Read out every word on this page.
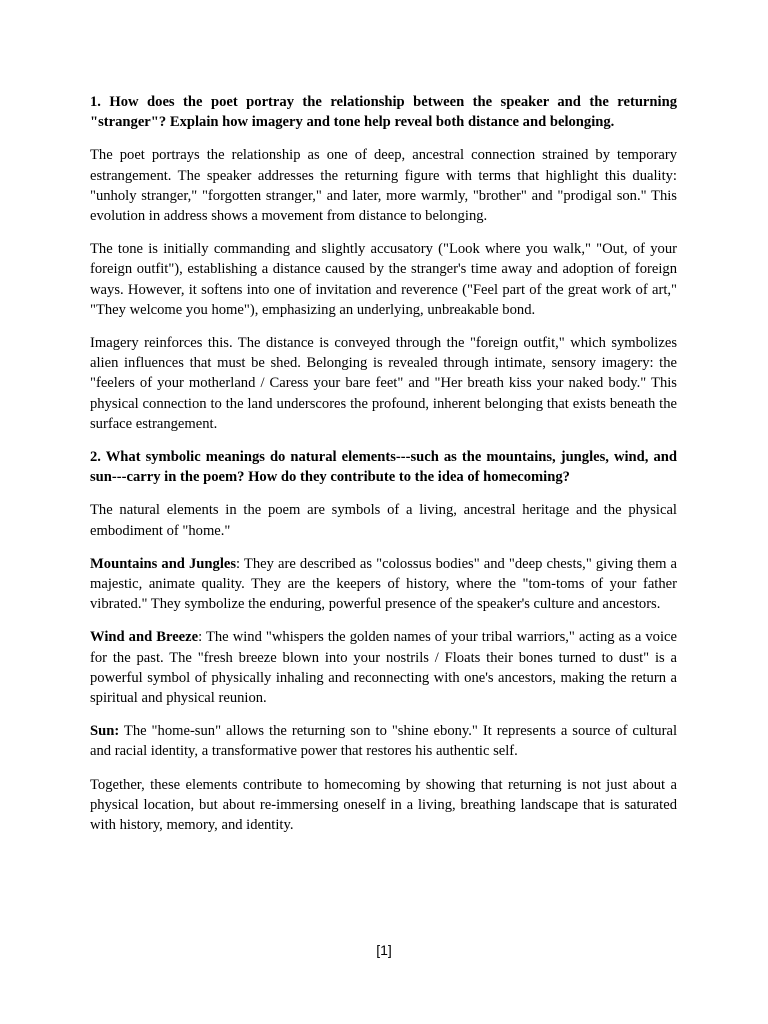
1. How does the poet portray the relationship between the speaker and the returning "stranger"? Explain how imagery and tone help reveal both distance and belonging.

The poet portrays the relationship as one of deep, ancestral connection strained by temporary estrangement. The speaker addresses the returning figure with terms that highlight this duality: "unholy stranger," "forgotten stranger," and later, more warmly, "brother" and "prodigal son." This evolution in address shows a movement from distance to belonging.

The tone is initially commanding and slightly accusatory ("Look where you walk," "Out, of your foreign outfit"), establishing a distance caused by the stranger's time away and adoption of foreign ways. However, it softens into one of invitation and reverence ("Feel part of the great work of art," "They welcome you home"), emphasizing an underlying, unbreakable bond.

Imagery reinforces this. The distance is conveyed through the "foreign outfit," which symbolizes alien influences that must be shed. Belonging is revealed through intimate, sensory imagery: the "feelers of your motherland / Caress your bare feet" and "Her breath kiss your naked body." This physical connection to the land underscores the profound, inherent belonging that exists beneath the surface estrangement.

2. What symbolic meanings do natural elements---such as the mountains, jungles, wind, and sun---carry in the poem? How do they contribute to the idea of homecoming?

The natural elements in the poem are symbols of a living, ancestral heritage and the physical embodiment of "home."

Mountains and Jungles: They are described as "colossus bodies" and "deep chests," giving them a majestic, animate quality. They are the keepers of history, where the "tom-toms of your father vibrated." They symbolize the enduring, powerful presence of the speaker's culture and ancestors.

Wind and Breeze: The wind "whispers the golden names of your tribal warriors," acting as a voice for the past. The "fresh breeze blown into your nostrils / Floats their bones turned to dust" is a powerful symbol of physically inhaling and reconnecting with one's ancestors, making the return a spiritual and physical reunion.

Sun: The "home-sun" allows the returning son to "shine ebony." It represents a source of cultural and racial identity, a transformative power that restores his authentic self.

Together, these elements contribute to homecoming by showing that returning is not just about a physical location, but about re-immersing oneself in a living, breathing landscape that is saturated with history, memory, and identity.

[1]
